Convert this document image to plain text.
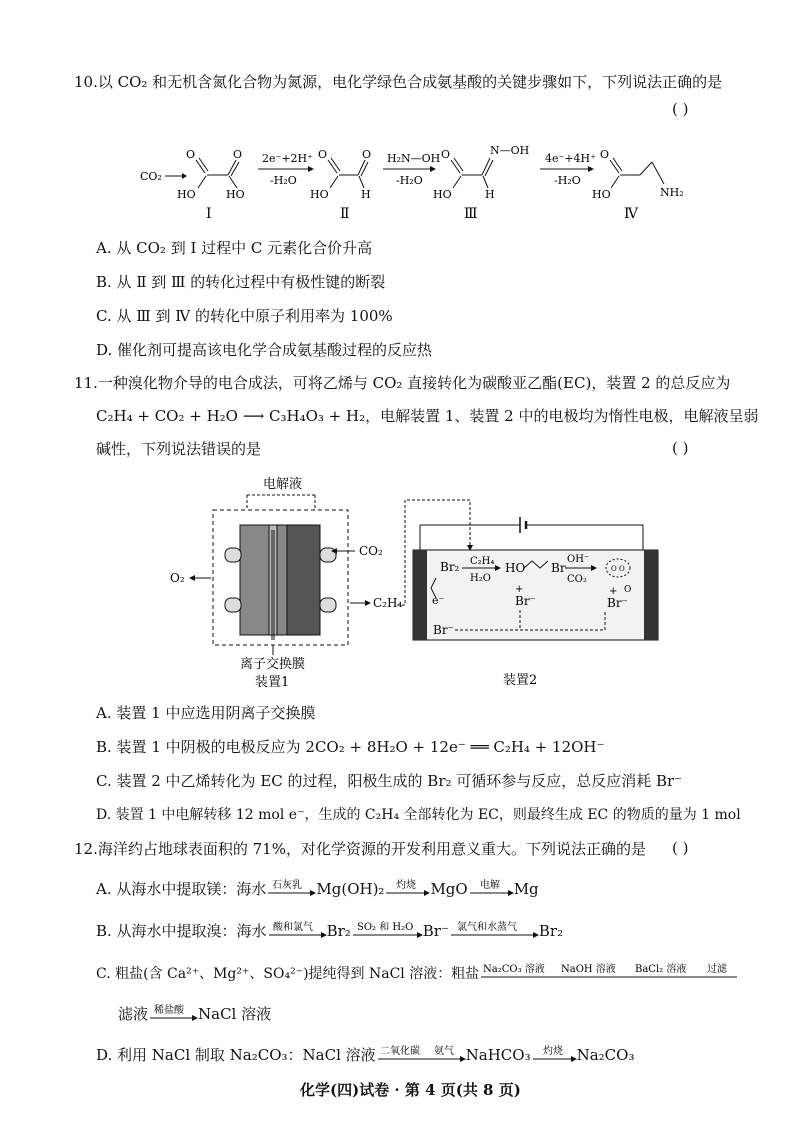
10.以 CO₂ 和无机含氮化合物为氮源，电化学绿色合成氨基酸的关键步骤如下，下列说法正确的是
( )
CO₂
O	O
HO	HO
Ⅰ
2e⁻+2H⁺
-H₂O
O	O
HO	H
Ⅱ
H₂N—OH
-H₂O
O	N—OH
HO	H
Ⅲ
4e⁻+4H⁺
-H₂O
O
HO	NH₂
Ⅳ
A. 从 CO₂ 到 Ⅰ 过程中 C 元素化合价升高
B. 从 Ⅱ 到 Ⅲ 的转化过程中有极性键的断裂
C. 从 Ⅲ 到 Ⅳ 的转化中原子利用率为 100%
D. 催化剂可提高该电化学合成氨基酸过程的反应热
11.一种溴化物介导的电合成法，可将乙烯与 CO₂ 直接转化为碳酸亚乙酯(EC)，装置 2 的总反应为
C₂H₄ + CO₂ + H₂O ⟶ C₃H₄O₃ + H₂，电解装置 1、装置 2 中的电极均为惰性电极，电解液呈弱
碱性，下列说法错误的是	( )
电解液
CO₂
O₂
C₂H₄
离子交换膜
装置1
Br₂ C₂H₄
H₂O
HO Br
OH⁻
CO₂
O O
O
+
Br⁻
+
Br⁻
e⁻
Br⁻
装置2
A. 装置 1 中应选用阴离子交换膜
B. 装置 1 中阴极的电极反应为 2CO₂ + 8H₂O + 12e⁻ ══ C₂H₄ + 12OH⁻
C. 装置 2 中乙烯转化为 EC 的过程，阳极生成的 Br₂ 可循环参与反应，总反应消耗 Br⁻
D. 装置 1 中电解转移 12 mol e⁻，生成的 C₂H₄ 全部转化为 EC，则最终生成 EC 的物质的量为 1 mol
12.海洋约占地球表面积的 71%，对化学资源的开发利用意义重大。下列说法正确的是 ( )
A. 从海水中提取镁：海水 石灰乳 Mg(OH)₂ 灼烧 MgO 电解 Mg
B. 从海水中提取溴：海水 酸和氯气 Br₂ SO₂ 和 H₂O Br⁻ 氯气和水蒸气 Br₂
C. 粗盐(含 Ca²⁺、Mg²⁺、SO₄²⁻)提纯得到 NaCl 溶液：粗盐 Na₂CO₃ 溶液 NaOH 溶液 BaCl₂ 溶液 过滤
滤液 稀盐酸 NaCl 溶液
D. 利用 NaCl 制取 Na₂CO₃：NaCl 溶液 二氧化碳 氨气 NaHCO₃ 灼烧 Na₂CO₃
化学(四)试卷 · 第 4 页(共 8 页)
